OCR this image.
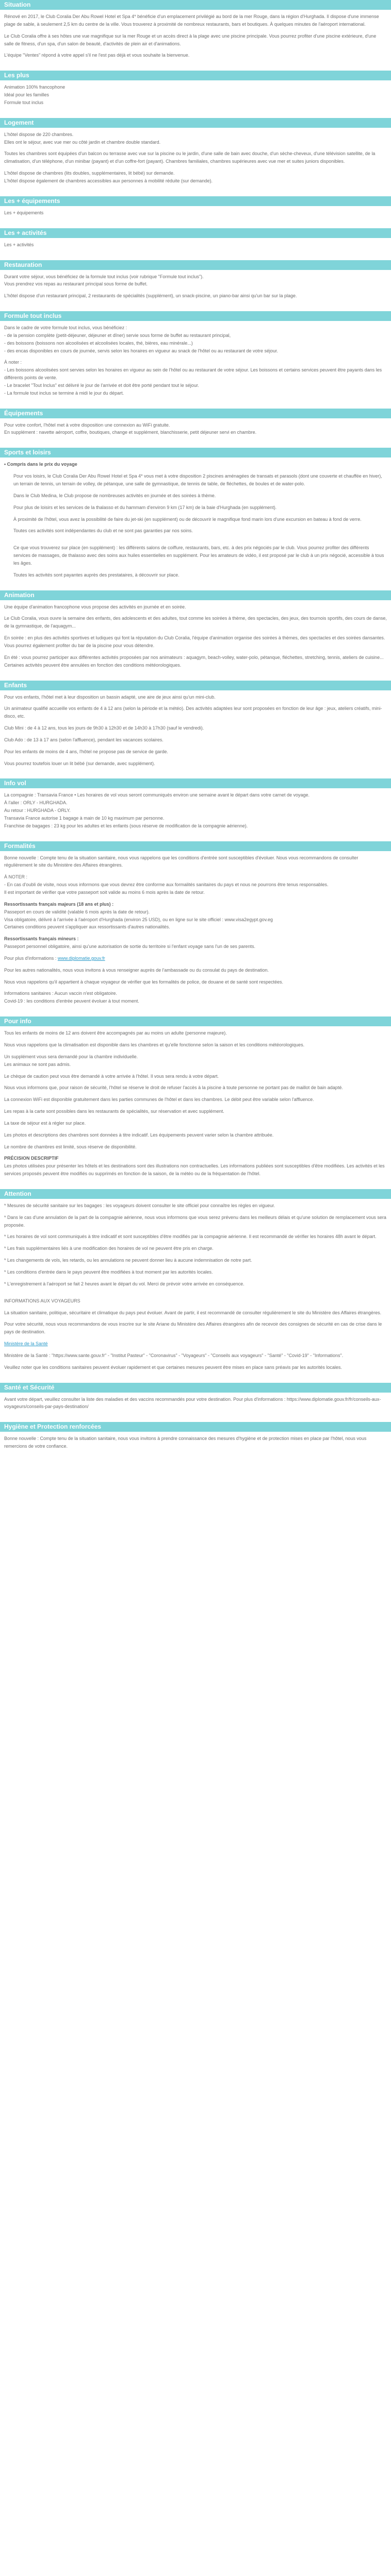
Situation

Rénové en 2017, le Club Coralia Der Abu Rowel Hotel et Spa 4* bénéficie d'un emplacement privilégié au bord de la mer Rouge, dans la région d'Hurghada. Il dispose d'une immense plage de sable, à seulement 2,5 km du centre de la ville. Vous trouverez à proximité de nombreux restaurants, bars et boutiques. À quelques minutes de l'aéroport international.

Le Club Coralia offre à ses hôtes une vue magnifique sur la mer Rouge et un accès direct à la plage avec une piscine principale. Vous pourrez profiter d'une piscine extérieure, d'une salle de fitness, d'un spa, d'un salon de beauté, d'activités de plein air et d'animations.

L'équipe "Ventes" répond à votre appel s'il ne l'est pas déjà et vous souhaite la bienvenue.

Les plus

Animation 100% francophone

Idéal pour les familles

Formule tout inclus

Logement

L'hôtel dispose de 220 chambres.

Elles ont le séjour, avec vue mer ou côté jardin et chambre double standard.

Toutes les chambres sont équipées d'un balcon ou terrasse avec vue sur la piscine ou le jardin, d'une salle de bain avec douche, d'un sèche-cheveux, d'une télévision satellite, de la climatisation, d'un téléphone, d'un minibar (payant) et d'un coffre-fort (payant). Chambres familiales, chambres supérieures avec vue mer et suites juniors disponibles.

L'hôtel dispose de chambres (lits doubles, supplémentaires, lit bébé) sur demande.

L'hôtel dispose également de chambres accessibles aux personnes à mobilité réduite (sur demande).

Les + équipements

Les + équipements

Les + activités

Les + activités

Restauration

Durant votre séjour, vous bénéficiez de la formule tout inclus (voir rubrique "Formule tout inclus").

Vous prendrez vos repas au restaurant principal sous forme de buffet.

L'hôtel dispose d'un restaurant principal, 2 restaurants de spécialités (supplément), un snack-piscine, un piano-bar ainsi qu'un bar sur la plage.

Formule tout inclus

Dans le cadre de votre formule tout inclus, vous bénéficiez :

- de la pension complète (petit-déjeuner, déjeuner et dîner) servie sous forme de buffet au restaurant principal,

- des boissons (boissons non alcoolisées et alcoolisées locales, thé, bières, eau minérale...)

- des encas disponibles en cours de journée, servis selon les horaires en vigueur au snack de l'hôtel ou au restaurant de votre séjour.

À noter :

- Les boissons alcoolisées sont servies selon les horaires en vigueur au sein de l'hôtel ou au restaurant de votre séjour. Les boissons et certains services peuvent être payants dans les différents points de vente.

- Le bracelet "Tout Inclus" est délivré le jour de l'arrivée et doit être porté pendant tout le séjour.

- La formule tout inclus se termine à midi le jour du départ.

Équipements

Pour votre confort, l'hôtel met à votre disposition une connexion au WiFi gratuite.

En supplément : navette aéroport, coffre, boutiques, change et supplément, blanchisserie, petit déjeuner servi en chambre.

Sports et loisirs

• Compris dans le prix du voyage

Pour vos loisirs, le Club Coralia Der Abu Rowel Hotel et Spa 4* vous met à votre disposition 2 piscines aménagées de transats et parasols (dont une couverte et chauffée en hiver), un terrain de tennis, un terrain de volley, de pétanque, une salle de gymnastique, de tennis de table, de fléchettes, de boules et de water-polo.

Dans le Club Medina, le Club propose de nombreuses activités en journée et des soirées à thème.

Pour plus de loisirs et les services de la thalasso et du hammam d'environ 9 km (17 km) de la baie d'Hurghada (en supplément).

À proximité de l'hôtel, vous avez la possibilité de faire du jet-ski (en supplément) ou de découvrir le magnifique fond marin lors d'une excursion en bateau à fond de verre.

Toutes ces activités sont indépendantes du club et ne sont pas garanties par nos soins.

Ce que vous trouverez sur place (en supplément) : les différents salons de coiffure, restaurants, bars, etc. à des prix négociés par le club. Vous pourrez profiter des différents services de massages, de thalasso avec des soins aux huiles essentielles en supplément. Pour les amateurs de vidéo, il est proposé par le club à un prix négocié, accessible à tous les âges.

Toutes les activités sont payantes auprès des prestataires, à découvrir sur place.

Animation

Une équipe d'animation francophone vous propose des activités en journée et en soirée.

Le Club Coralia, vous ouvre la semaine des enfants, des adolescents et des adultes, tout comme les soirées à thème, des spectacles, des jeux, des tournois sportifs, des cours de danse, de la gymnastique, de l'aquagym...

En soirée : en plus des activités sportives et ludiques qui font la réputation du Club Coralia, l'équipe d'animation organise des soirées à thèmes, des spectacles et des soirées dansantes. Vous pourrez également profiter du bar de la piscine pour vous détendre.

En été : vous pourrez participer aux différentes activités proposées par nos animateurs : aquagym, beach-volley, water-polo, pétanque, fléchettes, stretching, tennis, ateliers de cuisine...

Certaines activités peuvent être annulées en fonction des conditions météorologiques.

Enfants

Pour vos enfants, l'hôtel met à leur disposition un bassin adapté, une aire de jeux ainsi qu'un mini-club.

Un animateur qualifié accueille vos enfants de 4 à 12 ans (selon la période et la météo). Des activités adaptées leur sont proposées en fonction de leur âge : jeux, ateliers créatifs, mini-disco, etc.

Club Mini : de 4 à 12 ans, tous les jours de 9h30 à 12h30 et de 14h30 à 17h30 (sauf le vendredi).

Club Ado : de 13 à 17 ans (selon l'affluence), pendant les vacances scolaires.

Pour les enfants de moins de 4 ans, l'hôtel ne propose pas de service de garde.

Vous pourrez toutefois louer un lit bébé (sur demande, avec supplément).

Info vol

La compagnie : Transavia France • Les horaires de vol vous seront communiqués environ une semaine avant le départ dans votre carnet de voyage.

À l'aller : ORLY - HURGHADA.

Au retour : HURGHADA - ORLY.

Transavia France autorise 1 bagage à main de 10 kg maximum par personne.

Franchise de bagages : 23 kg pour les adultes et les enfants (sous réserve de modification de la compagnie aérienne).

Formalités

Bonne nouvelle : Compte tenu de la situation sanitaire, nous vous rappelons que les conditions d'entrée sont susceptibles d'évoluer. Nous vous recommandons de consulter régulièrement le site du Ministère des Affaires étrangères.

À NOTER :

- En cas d'oubli de visite, nous vous informons que vous devrez être conforme aux formalités sanitaires du pays et nous ne pourrons être tenus responsables.

Il est important de vérifier que votre passeport soit valide au moins 6 mois après la date de retour.

Ressortissants français majeurs (18 ans et plus) :

Passeport en cours de validité (valable 6 mois après la date de retour).

Visa obligatoire, délivré à l'arrivée à l'aéroport d'Hurghada (environ 25 USD), ou en ligne sur le site officiel : www.visa2egypt.gov.eg

Certaines conditions peuvent s'appliquer aux ressortissants d'autres nationalités.

Ressortissants français mineurs :

Passeport personnel obligatoire, ainsi qu'une autorisation de sortie du territoire si l'enfant voyage sans l'un de ses parents.

Pour plus d'informations : www.diplomatie.gouv.fr

Pour les autres nationalités, nous vous invitons à vous renseigner auprès de l'ambassade ou du consulat du pays de destination.

Nous vous rappelons qu'il appartient à chaque voyageur de vérifier que les formalités de police, de douane et de santé sont respectées.

Informations sanitaires : Aucun vaccin n'est obligatoire.

Covid-19 : les conditions d'entrée peuvent évoluer à tout moment.

Pour info

Tous les enfants de moins de 12 ans doivent être accompagnés par au moins un adulte (personne majeure).

Nous vous rappelons que la climatisation est disponible dans les chambres et qu'elle fonctionne selon la saison et les conditions météorologiques.

Un supplément vous sera demandé pour la chambre individuelle.

Les animaux ne sont pas admis.

Le chèque de caution peut vous être demandé à votre arrivée à l'hôtel. Il vous sera rendu à votre départ.

Nous vous informons que, pour raison de sécurité, l'hôtel se réserve le droit de refuser l'accès à la piscine à toute personne ne portant pas de maillot de bain adapté.

La connexion WiFi est disponible gratuitement dans les parties communes de l'hôtel et dans les chambres. Le débit peut être variable selon l'affluence.

Les repas à la carte sont possibles dans les restaurants de spécialités, sur réservation et avec supplément.

La taxe de séjour est à régler sur place.

Les photos et descriptions des chambres sont données à titre indicatif. Les équipements peuvent varier selon la chambre attribuée.

Le nombre de chambres est limité, sous réserve de disponibilité.

PRÉCISION DESCRIPTIF

Les photos utilisées pour présenter les hôtels et les destinations sont des illustrations non contractuelles. Les informations publiées sont susceptibles d'être modifiées. Les activités et les services proposés peuvent être modifiés ou supprimés en fonction de la saison, de la météo ou de la fréquentation de l'hôtel.

Attention

* Mesures de sécurité sanitaire sur les bagages : les voyageurs doivent consulter le site officiel pour connaître les règles en vigueur.

* Dans le cas d'une annulation de la part de la compagnie aérienne, nous vous informons que vous serez prévenu dans les meilleurs délais et qu'une solution de remplacement vous sera proposée.

* Les horaires de vol sont communiqués à titre indicatif et sont susceptibles d'être modifiés par la compagnie aérienne. Il est recommandé de vérifier les horaires 48h avant le départ.

* Les frais supplémentaires liés à une modification des horaires de vol ne peuvent être pris en charge.

* Les changements de vols, les retards, ou les annulations ne peuvent donner lieu à aucune indemnisation de notre part.

* Les conditions d'entrée dans le pays peuvent être modifiées à tout moment par les autorités locales.

* L'enregistrement à l'aéroport se fait 2 heures avant le départ du vol. Merci de prévoir votre arrivée en conséquence.

INFORMATIONS AUX VOYAGEURS

La situation sanitaire, politique, sécuritaire et climatique du pays peut évoluer. Avant de partir, il est recommandé de consulter régulièrement le site du Ministère des Affaires étrangères.

Pour votre sécurité, nous vous recommandons de vous inscrire sur le site Ariane du Ministère des Affaires étrangères afin de recevoir des consignes de sécurité en cas de crise dans le pays de destination.

Ministère de la Santé

Ministère de la Santé : "https://www.sante.gouv.fr" - "Institut Pasteur" - "Coronavirus" - "Voyageurs" - "Conseils aux voyageurs" - "Santé" - "Covid-19" - "Informations".

Veuillez noter que les conditions sanitaires peuvent évoluer rapidement et que certaines mesures peuvent être mises en place sans préavis par les autorités locales.

Santé et Sécurité

Avant votre départ, veuillez consulter la liste des maladies et des vaccins recommandés pour votre destination. Pour plus d'informations : https://www.diplomatie.gouv.fr/fr/conseils-aux-voyageurs/conseils-par-pays-destination/

Hygiène et Protection renforcées

Bonne nouvelle : Compte tenu de la situation sanitaire, nous vous invitons à prendre connaissance des mesures d'hygiène et de protection mises en place par l'hôtel, nous vous remercions de votre confiance.
